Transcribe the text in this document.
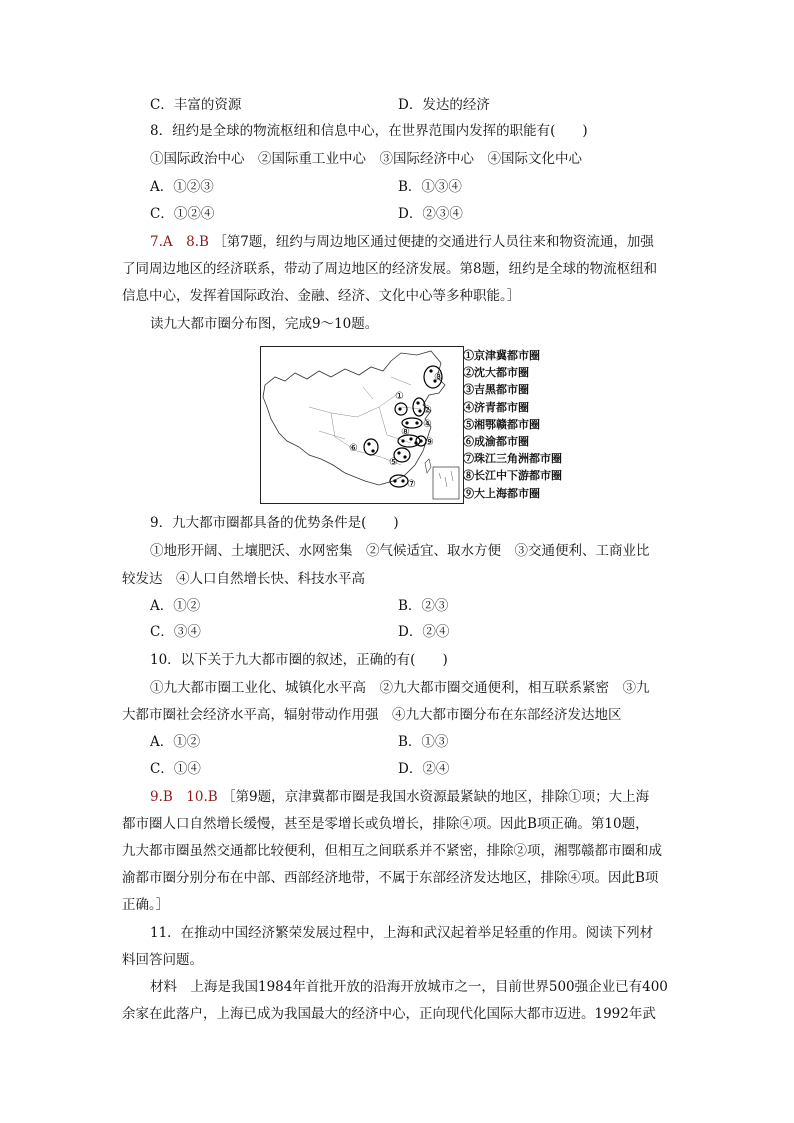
C．丰富的资源	D．发达的经济
8．纽约是全球的物流枢纽和信息中心，在世界范围内发挥的职能有(　　)
①国际政治中心　②国际重工业中心　③国际经济中心　④国际文化中心
A．①②③	B．①③④
C．①②④	D．②③④
7.A　8.B ［第7题，纽约与周边地区通过便捷的交通进行人员往来和物资流通，加强
了同周边地区的经济联系，带动了周边地区的经济发展。第8题，纽约是全球的物流枢纽和
信息中心，发挥着国际政治、金融、经济、文化中心等多种职能。］
读九大都市圈分布图，完成9～10题。
③
①
②
④
⑧
⑨
⑥
⑤
⑦
①京津冀都市圈
②沈大都市圈
③吉黑都市圈
④济青都市圈
⑤湘鄂赣都市圈
⑥成渝都市圈
⑦珠江三角洲都市圈
⑧长江中下游都市圈
⑨大上海都市圈
9．九大都市圈都具备的优势条件是(　　)
①地形开阔、土壤肥沃、水网密集　②气候适宜、取水方便　③交通便利、工商业比
较发达　④人口自然增长快、科技水平高
A．①②	B．②③
C．③④	D．②④
10．以下关于九大都市圈的叙述，正确的有(　　)
①九大都市圈工业化、城镇化水平高　②九大都市圈交通便利，相互联系紧密　③九
大都市圈社会经济水平高，辐射带动作用强　④九大都市圈分布在东部经济发达地区
A．①②	B．①③
C．①④	D．②④
9.B　10.B ［第9题，京津冀都市圈是我国水资源最紧缺的地区，排除①项；大上海
都市圈人口自然增长缓慢，甚至是零增长或负增长，排除④项。因此B项正确。第10题，
九大都市圈虽然交通都比较便利，但相互之间联系并不紧密，排除②项，湘鄂赣都市圈和成
渝都市圈分别分布在中部、西部经济地带，不属于东部经济发达地区，排除④项。因此B项
正确。］
11．在推动中国经济繁荣发展过程中，上海和武汉起着举足轻重的作用。阅读下列材
料回答问题。
材料　上海是我国1984年首批开放的沿海开放城市之一，目前世界500强企业已有400
余家在此落户，上海已成为我国最大的经济中心，正向现代化国际大都市迈进。1992年武
